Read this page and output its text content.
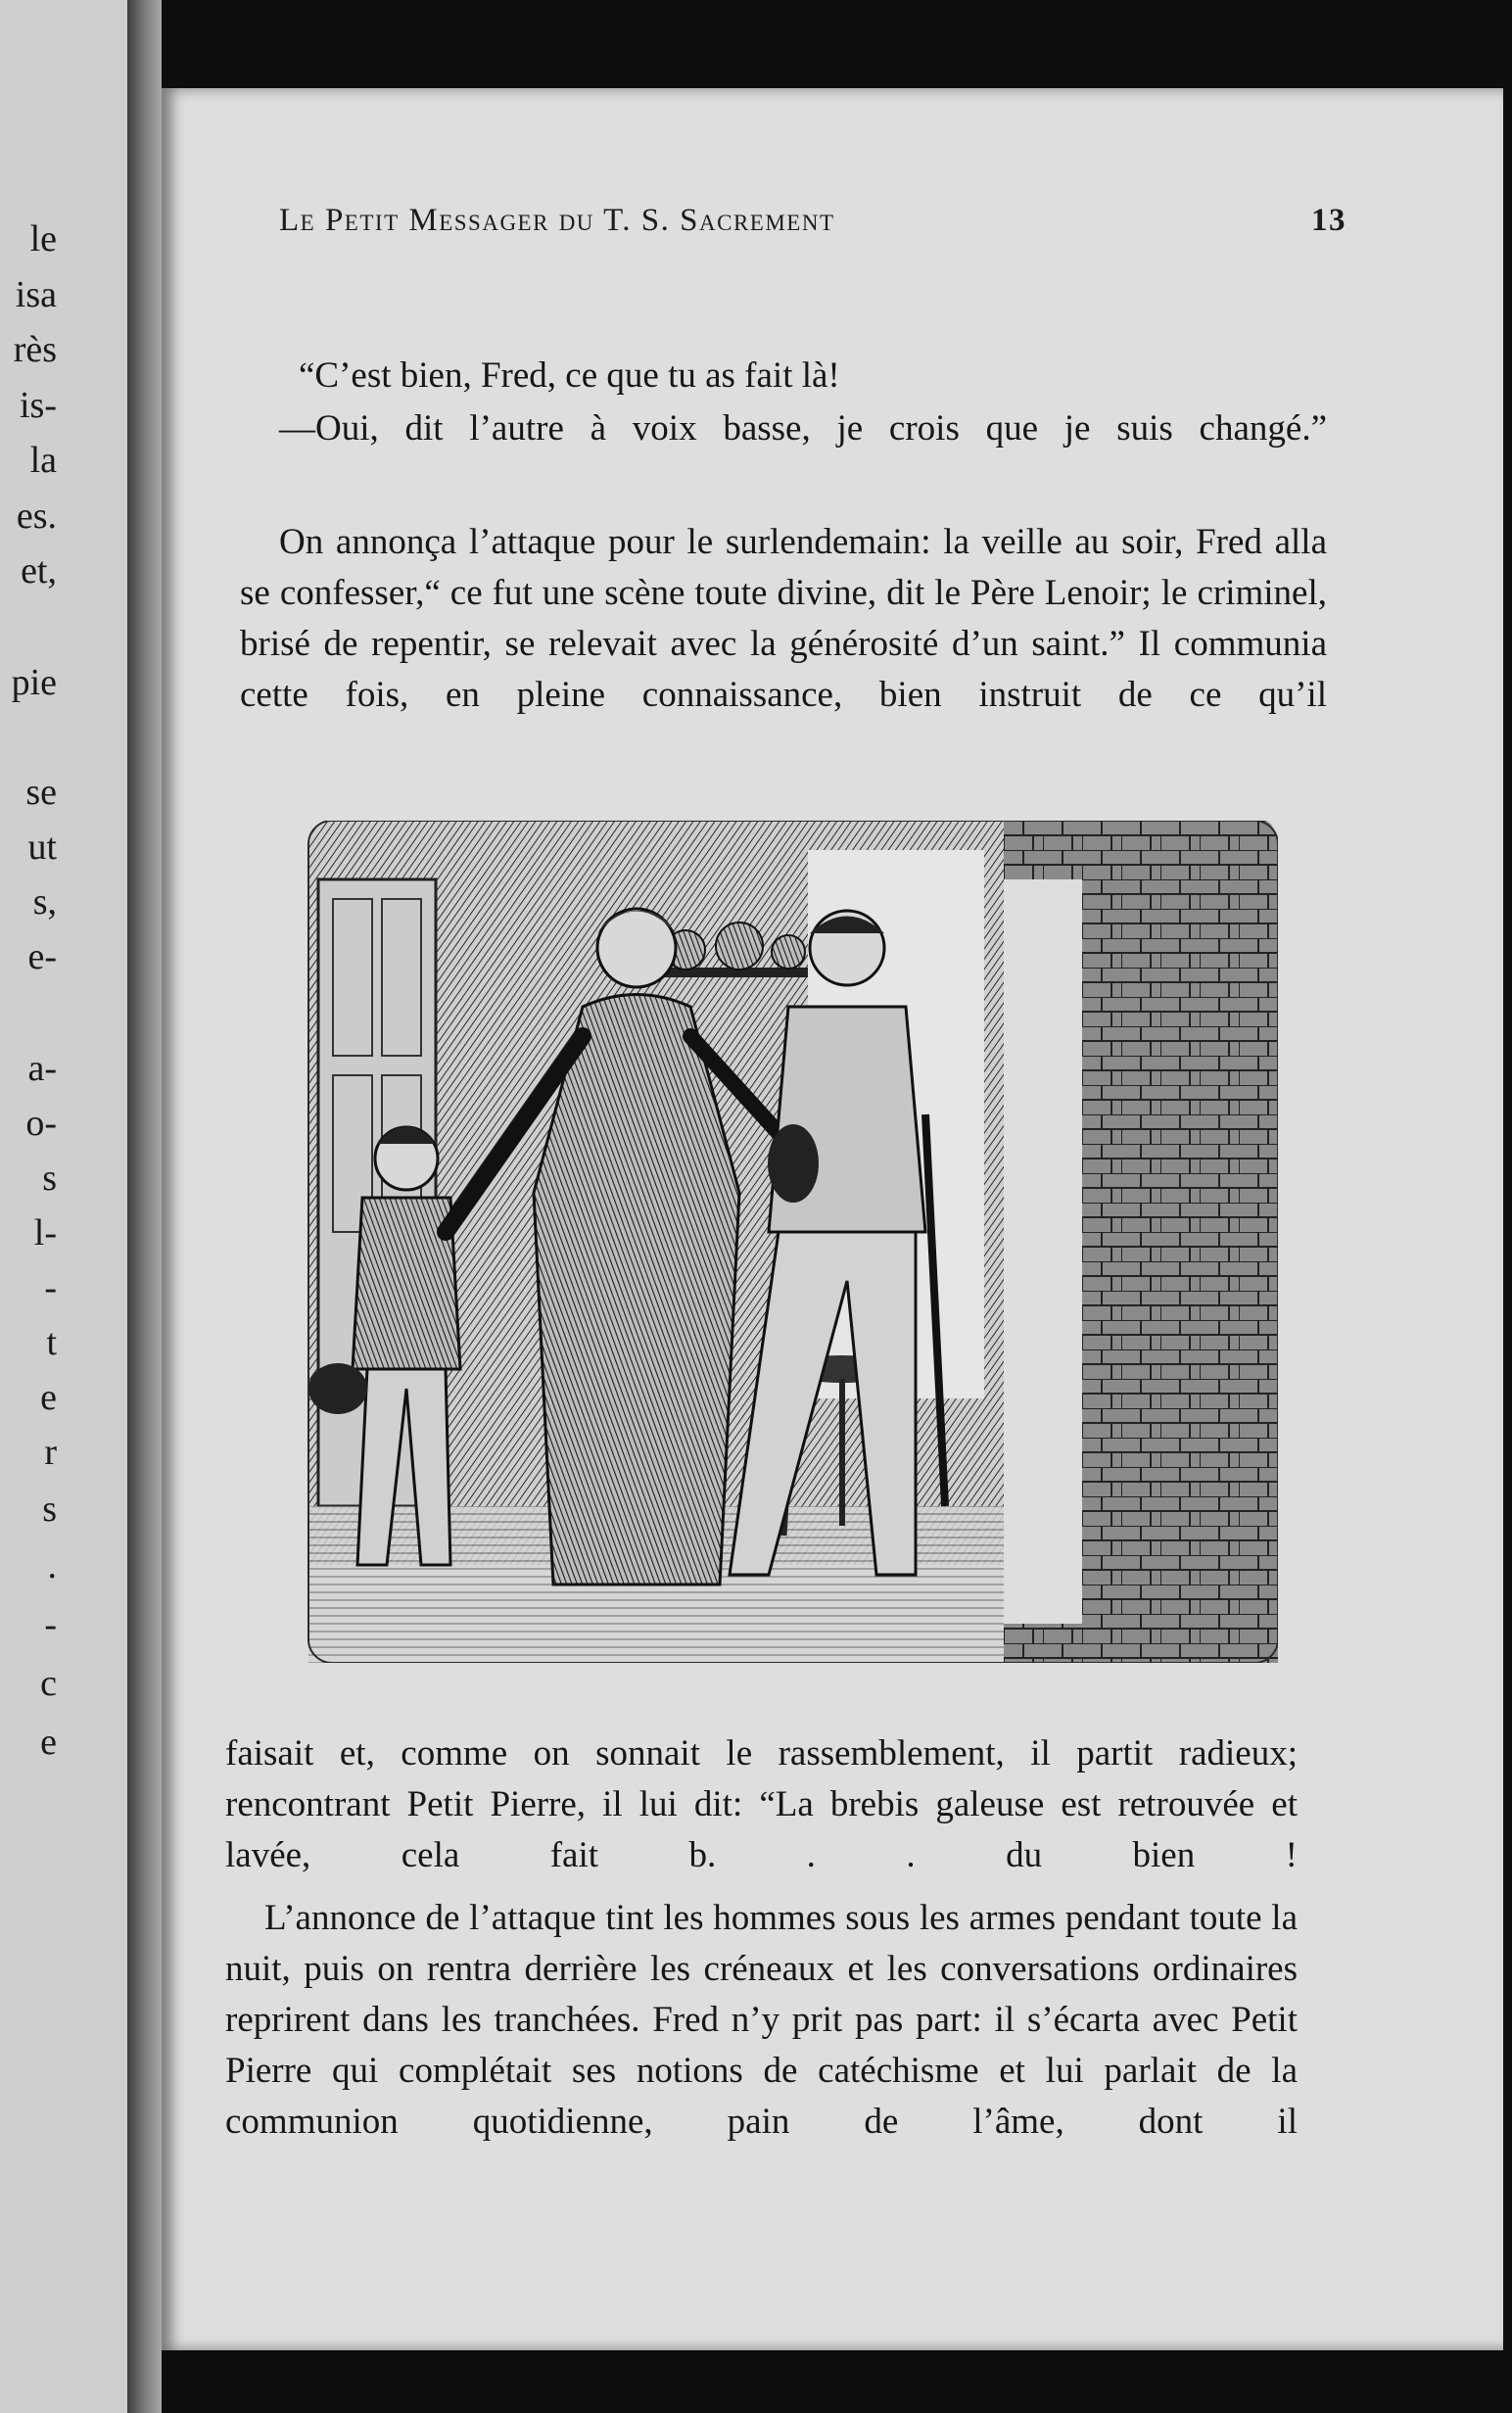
le
isa
rès
is-
la
es.
et,
pie
se
ut
s,
e-
a-
o-
s
l-
-
t
e
r
s
.
-
c
e
Le Petit Messager du T. S. Sacrement	13

“C’est bien, Fred, ce que tu as fait là!

—Oui, dit l’autre à voix basse, je crois que je suis changé.”

On annonça l’attaque pour le surlendemain: la veille au soir, Fred alla se confesser,“ ce fut une scène toute divine, dit le Père Lenoir; le criminel, brisé de repentir, se relevait avec la générosité d’un saint.” Il communia cette fois, en pleine connaissance, bien instruit de ce qu’il

faisait et, comme on sonnait le rassemblement, il partit radieux; rencontrant Petit Pierre, il lui dit: “La brebis galeuse est retrouvée et lavée, cela fait b. . . du bien !

L’annonce de l’attaque tint les hommes sous les armes pendant toute la nuit, puis on rentra derrière les créneaux et les conversations ordinaires reprirent dans les tranchées. Fred n’y prit pas part: il s’écarta avec Petit Pierre qui complétait ses notions de catéchisme et lui parlait de la communion quotidienne, pain de l’âme, dont il
